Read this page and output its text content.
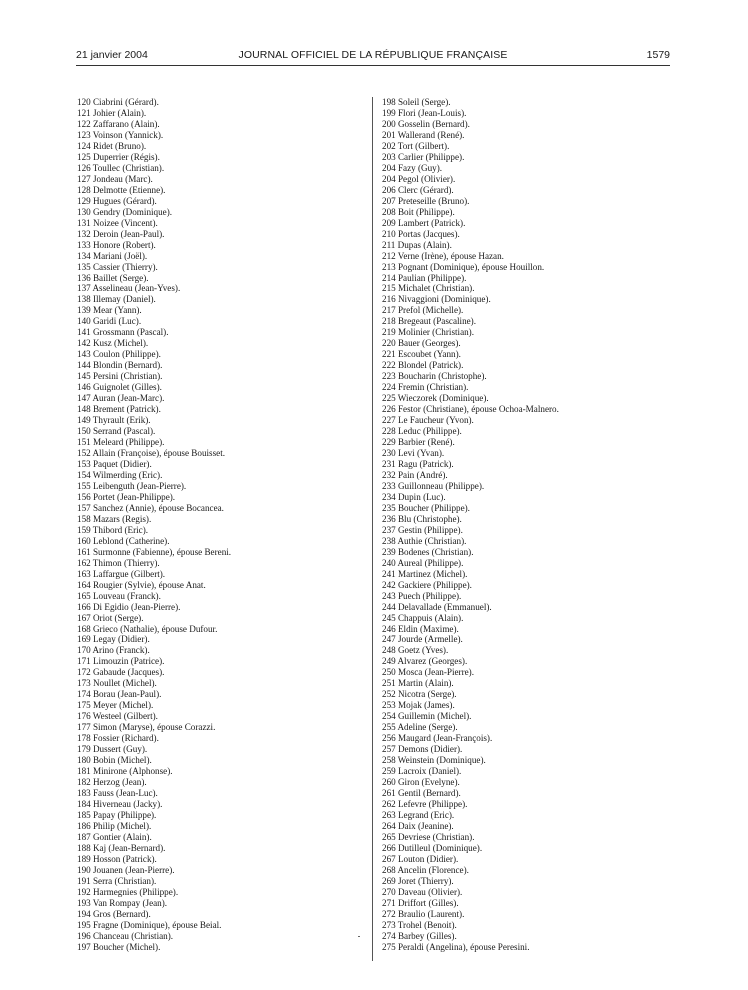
21 janvier 2004	JOURNAL OFFICIEL DE LA RÉPUBLIQUE FRANÇAISE	1579
120 Ciabrini (Gérard).
121 Johier (Alain).
122 Zaffarano (Alain).
123 Voinson (Yannick).
124 Ridet (Bruno).
125 Duperrier (Régis).
126 Toullec (Christian).
127 Jondeau (Marc).
128 Delmotte (Etienne).
129 Hugues (Gérard).
130 Gendry (Dominique).
131 Noizee (Vincent).
132 Deroin (Jean-Paul).
133 Honore (Robert).
134 Mariani (Joël).
135 Cassier (Thierry).
136 Baillet (Serge).
137 Asselineau (Jean-Yves).
138 Illemay (Daniel).
139 Mear (Yann).
140 Garidi (Luc).
141 Grossmann (Pascal).
142 Kusz (Michel).
143 Coulon (Philippe).
144 Blondin (Bernard).
145 Persini (Christian).
146 Guignolet (Gilles).
147 Auran (Jean-Marc).
148 Brement (Patrick).
149 Thyrault (Erik).
150 Serrand (Pascal).
151 Meleard (Philippe).
152 Allain (Françoise), épouse Bouisset.
153 Paquet (Didier).
154 Wilmerding (Eric).
155 Leibenguth (Jean-Pierre).
156 Portet (Jean-Philippe).
157 Sanchez (Annie), épouse Bocancea.
158 Mazars (Regis).
159 Thibord (Eric).
160 Leblond (Catherine).
161 Surmonne (Fabienne), épouse Bereni.
162 Thimon (Thierry).
163 Laffargue (Gilbert).
164 Rougier (Sylvie), épouse Anat.
165 Louveau (Franck).
166 Di Egidio (Jean-Pierre).
167 Oriot (Serge).
168 Grieco (Nathalie), épouse Dufour.
169 Legay (Didier).
170 Arino (Franck).
171 Limouzin (Patrice).
172 Gabaude (Jacques).
173 Noullet (Michel).
174 Borau (Jean-Paul).
175 Meyer (Michel).
176 Westeel (Gilbert).
177 Simon (Maryse), épouse Corazzi.
178 Fossier (Richard).
179 Dussert (Guy).
180 Bobin (Michel).
181 Minirone (Alphonse).
182 Herzog (Jean).
183 Fauss (Jean-Luc).
184 Hiverneau (Jacky).
185 Papay (Philippe).
186 Philip (Michel).
187 Gontier (Alain).
188 Kaj (Jean-Bernard).
189 Hosson (Patrick).
190 Jouanen (Jean-Pierre).
191 Serra (Christian).
192 Harmegnies (Philippe).
193 Van Rompay (Jean).
194 Gros (Bernard).
195 Fragne (Dominique), épouse Beial.
196 Chanceau (Christian).
197 Boucher (Michel).
198 Soleil (Serge).
199 Flori (Jean-Louis).
200 Gosselin (Bernard).
201 Wallerand (René).
202 Tort (Gilbert).
203 Carlier (Philippe).
204 Fazy (Guy).
204 Pegol (Olivier).
206 Clerc (Gérard).
207 Preteseille (Bruno).
208 Boit (Philippe).
209 Lambert (Patrick).
210 Portas (Jacques).
211 Dupas (Alain).
212 Verne (Irène), épouse Hazan.
213 Pognant (Dominique), épouse Houillon.
214 Paulian (Philippe).
215 Michalet (Christian).
216 Nivaggioni (Dominique).
217 Prefol (Michelle).
218 Bregeaut (Pascaline).
219 Molinier (Christian).
220 Bauer (Georges).
221 Escoubet (Yann).
222 Blondel (Patrick).
223 Boucharin (Christophe).
224 Fremin (Christian).
225 Wieczorek (Dominique).
226 Festor (Christiane), épouse Ochoa-Malnero.
227 Le Faucheur (Yvon).
228 Leduc (Philippe).
229 Barbier (René).
230 Levi (Yvan).
231 Ragu (Patrick).
232 Pain (André).
233 Guillonneau (Philippe).
234 Dupin (Luc).
235 Boucher (Philippe).
236 Blu (Christophe).
237 Gestin (Philippe).
238 Authie (Christian).
239 Bodenes (Christian).
240 Aureal (Philippe).
241 Martinez (Michel).
242 Gackiere (Philippe).
243 Puech (Philippe).
244 Delavallade (Emmanuel).
245 Chappuis (Alain).
246 Eldin (Maxime).
247 Jourde (Armelle).
248 Goetz (Yves).
249 Alvarez (Georges).
250 Mosca (Jean-Pierre).
251 Martin (Alain).
252 Nicotra (Serge).
253 Mojak (James).
254 Guillemin (Michel).
255 Adeline (Serge).
256 Maugard (Jean-François).
257 Demons (Didier).
258 Weinstein (Dominique).
259 Lacroix (Daniel).
260 Giron (Evelyne).
261 Gentil (Bernard).
262 Lefevre (Philippe).
263 Legrand (Eric).
264 Daix (Jeanine).
265 Devriese (Christian).
266 Dutilleul (Dominique).
267 Louton (Didier).
268 Ancelin (Florence).
269 Joret (Thierry).
270 Daveau (Olivier).
271 Driffort (Gilles).
272 Braulio (Laurent).
273 Trohel (Benoit).
274 Barbey (Gilles).
275 Peraldi (Angelina), épouse Peresini.
